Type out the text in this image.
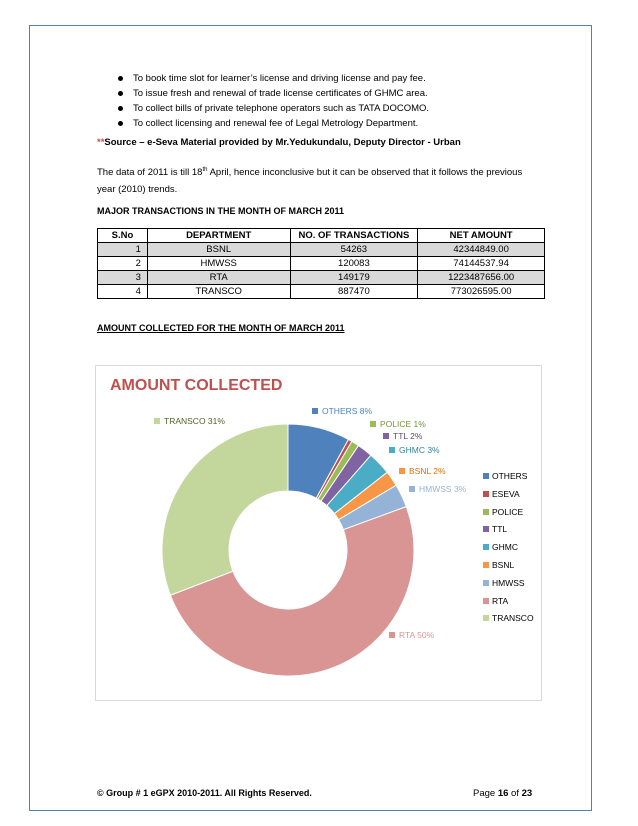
To book time slot for learner’s license and driving license and pay fee.
To issue fresh and renewal of trade license certificates of GHMC area.
To collect bills of private telephone operators such as TATA DOCOMO.
To collect licensing and renewal fee of Legal Metrology Department.
**Source – e-Seva Material provided by Mr.Yedukundalu, Deputy Director - Urban
The data of 2011 is till 18th April, hence inconclusive but it can be observed that it follows the previous year (2010) trends.
MAJOR TRANSACTIONS IN THE MONTH OF MARCH 2011
S.No	DEPARTMENT	NO. OF TRANSACTIONS	NET AMOUNT
1	BSNL	54263	42344849.00
2	HMWSS	120083	74144537.94
3	RTA	149179	1223487656.00
4	TRANSCO	887470	773026595.00
AMOUNT COLLECTED FOR THE MONTH OF MARCH 2011
AMOUNT COLLECTED
OTHERS 8%
POLICE 1%
TTL 2%
GHMC 3%
BSNL 2%
HMWSS 3%
RTA 50%
TRANSCO 31%
OTHERS
ESEVA
POLICE
TTL
GHMC
BSNL
HMWSS
RTA
TRANSCO
© Group # 1 eGPX 2010-2011. All Rights Reserved.	Page 16 of 23
